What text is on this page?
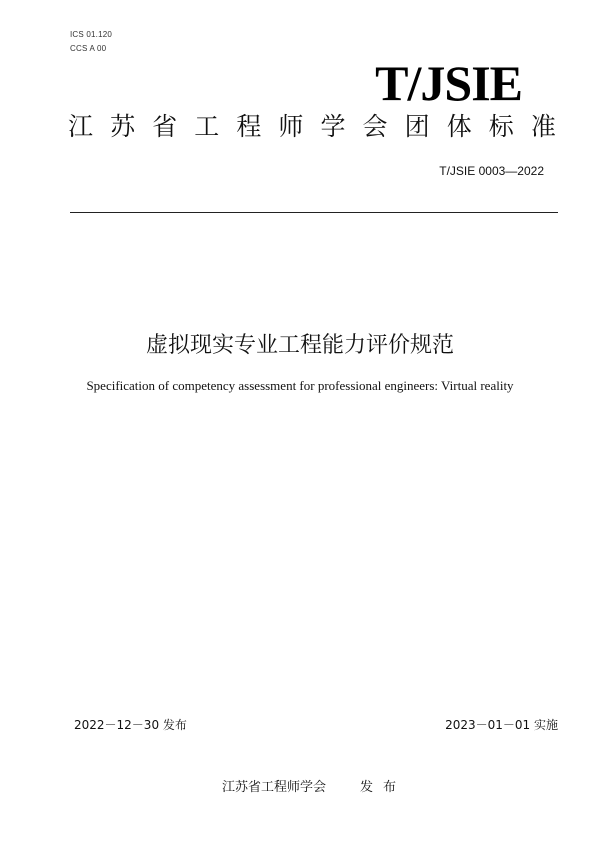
ICS 01.120
CCS A 00
T/JSIE
江 苏 省 工 程 师 学 会 团 体 标 准
T/JSIE 0003—2022
虚拟现实专业工程能力评价规范
Specification of competency assessment for professional engineers: Virtual reality
2022－12－30 发布	2023－01－01 实施
江苏省工程师学会	发布
